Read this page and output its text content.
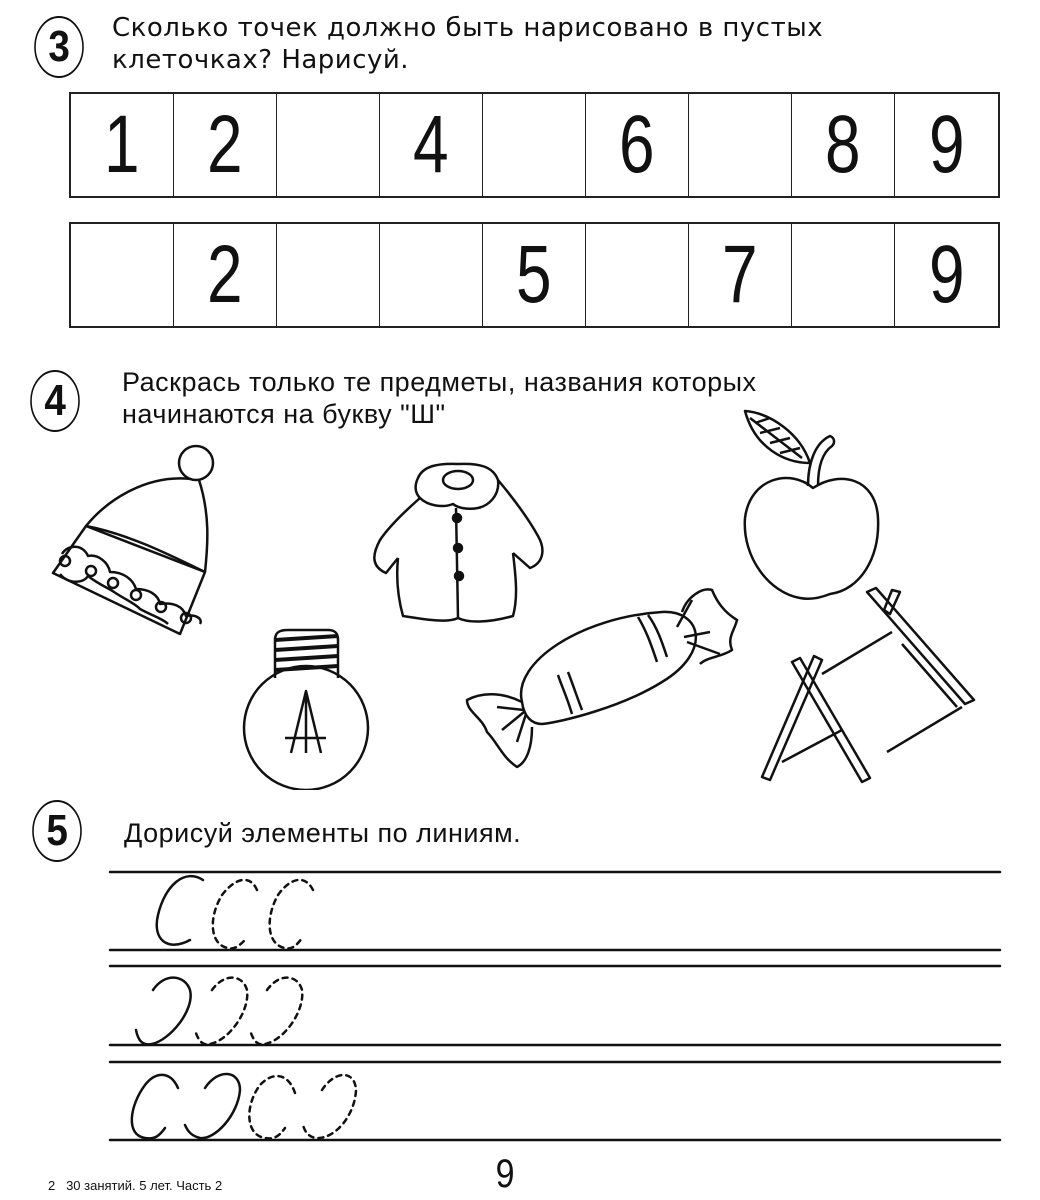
3 Сколько точек должно быть нарисовано в пустых
клеточках? Нарисуй.
1 2 4 6 8 9
2	5 7 9
4 Раскрась только те предметы, названия которых
начинаются на букву "Ш"
5 Дорисуй элементы по линиям.
2   30 занятий. 5 лет. Часть 2	9
